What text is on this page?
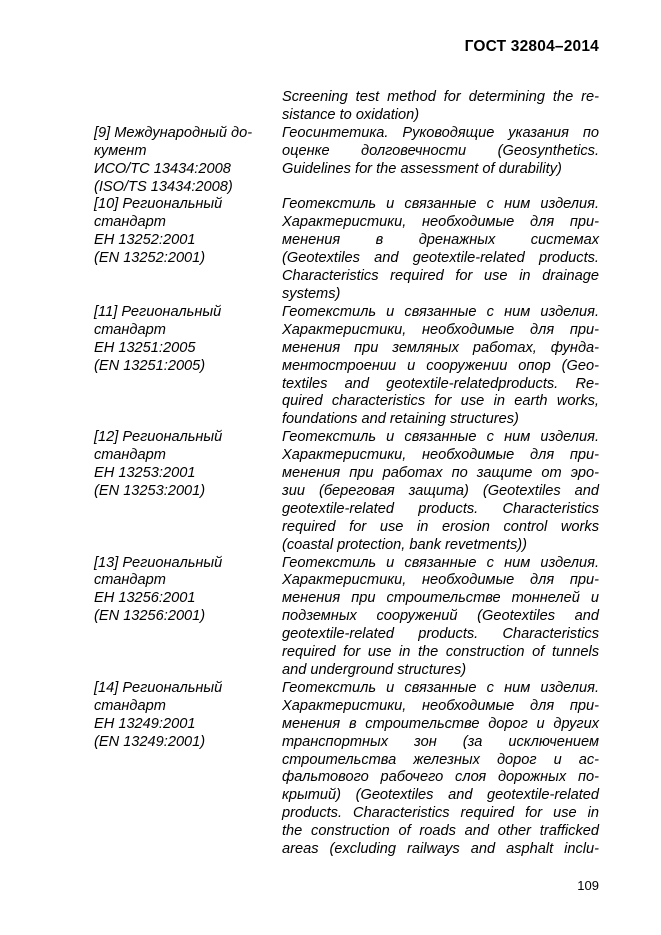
ГОСТ 32804–2014
Screening test method for determining the re-
sistance to oxidation)
[9] Международный до-
кумент
ИСО/ТС 13434:2008
(ISO/TS 13434:2008)
Геосинтетика. Руководящие указания по
оценке долговечности (Geosynthetics.
Guidelines for the assessment of durability)
[10] Региональный
стандарт
ЕН 13252:2001
(EN 13252:2001)
Геотекстиль и связанные с ним изделия.
Характеристики, необходимые для при-
менения в дренажных системах
(Geotextiles and geotextile-related products.
Characteristics required for use in drainage
systems)
[11] Региональный
стандарт
ЕН 13251:2005
(EN 13251:2005)
Геотекстиль и связанные с ним изделия.
Характеристики, необходимые для при-
менения при земляных работах, фунда-
ментостроении и сооружении опор (Geo-
textiles and geotextile-relatedproducts. Re-
quired characteristics for use in earth works,
foundations and retaining structures)
[12] Региональный
стандарт
ЕН 13253:2001
(EN 13253:2001)
Геотекстиль и связанные с ним изделия.
Характеристики, необходимые для при-
менения при работах по защите от эро-
зии (береговая защита) (Geotextiles and
geotextile-related products. Characteristics
required for use in erosion control works
(coastal protection, bank revetments))
[13] Региональный
стандарт
ЕН 13256:2001
(EN 13256:2001)
Геотекстиль и связанные с ним изделия.
Характеристики, необходимые для при-
менения при строительстве тоннелей и
подземных сооружений (Geotextiles and
geotextile-related products. Characteristics
required for use in the construction of tunnels
and underground structures)
[14] Региональный
стандарт
ЕН 13249:2001
(EN 13249:2001)
Геотекстиль и связанные с ним изделия.
Характеристики, необходимые для при-
менения в строительстве дорог и других
транспортных зон (за исключением
строительства железных дорог и ас-
фальтового рабочего слоя дорожных по-
крытий) (Geotextiles and geotextile-related
products. Characteristics required for use in
the construction of roads and other trafficked
areas (excluding railways and asphalt inclu-
109
